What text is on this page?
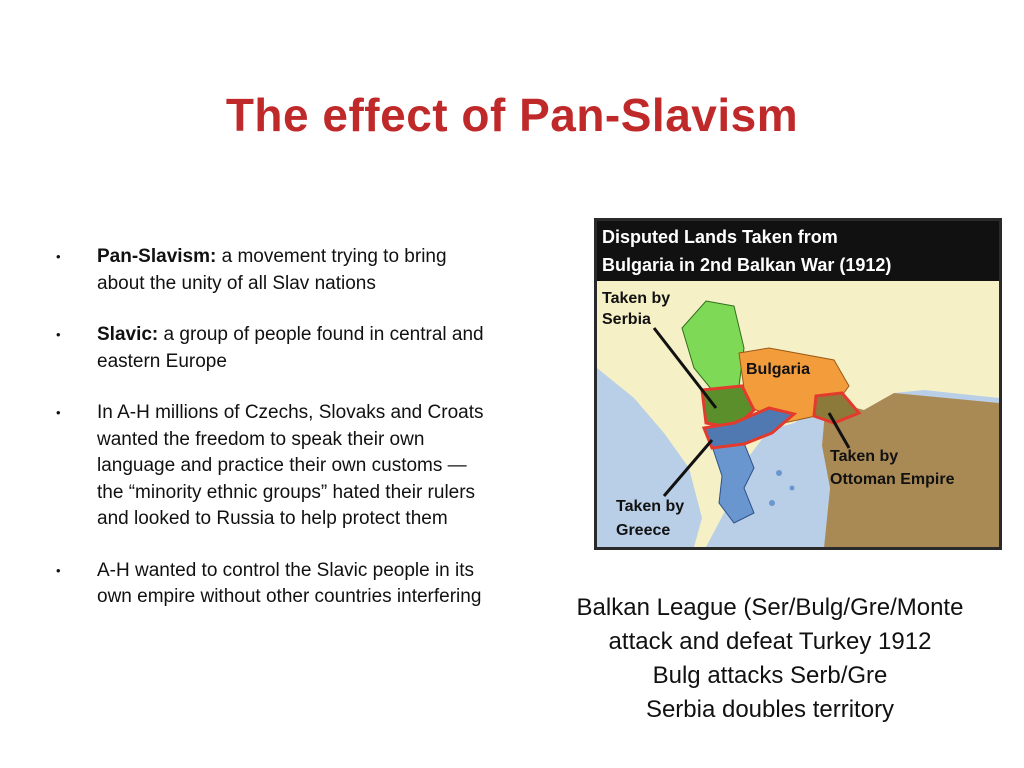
The effect of Pan-Slavism
• Pan-Slavism: a movement trying to bring about the unity of all Slav nations
• Slavic: a group of people found in central and eastern Europe
• In A-H millions of Czechs, Slovaks and Croats wanted the freedom to speak their own language and practice their own customs — the “minority ethnic groups” hated their rulers and looked to Russia to help protect them
• A-H wanted to control the Slavic people in its own empire without other countries interfering
Disputed Lands Taken from
Bulgaria in 2nd Balkan War (1912)
Taken by
Serbia
Bulgaria
Taken by
Ottoman Empire
Taken by
Greece
Balkan League (Ser/Bulg/Gre/Monte
attack and defeat Turkey 1912
Bulg attacks Serb/Gre
Serbia doubles territory
